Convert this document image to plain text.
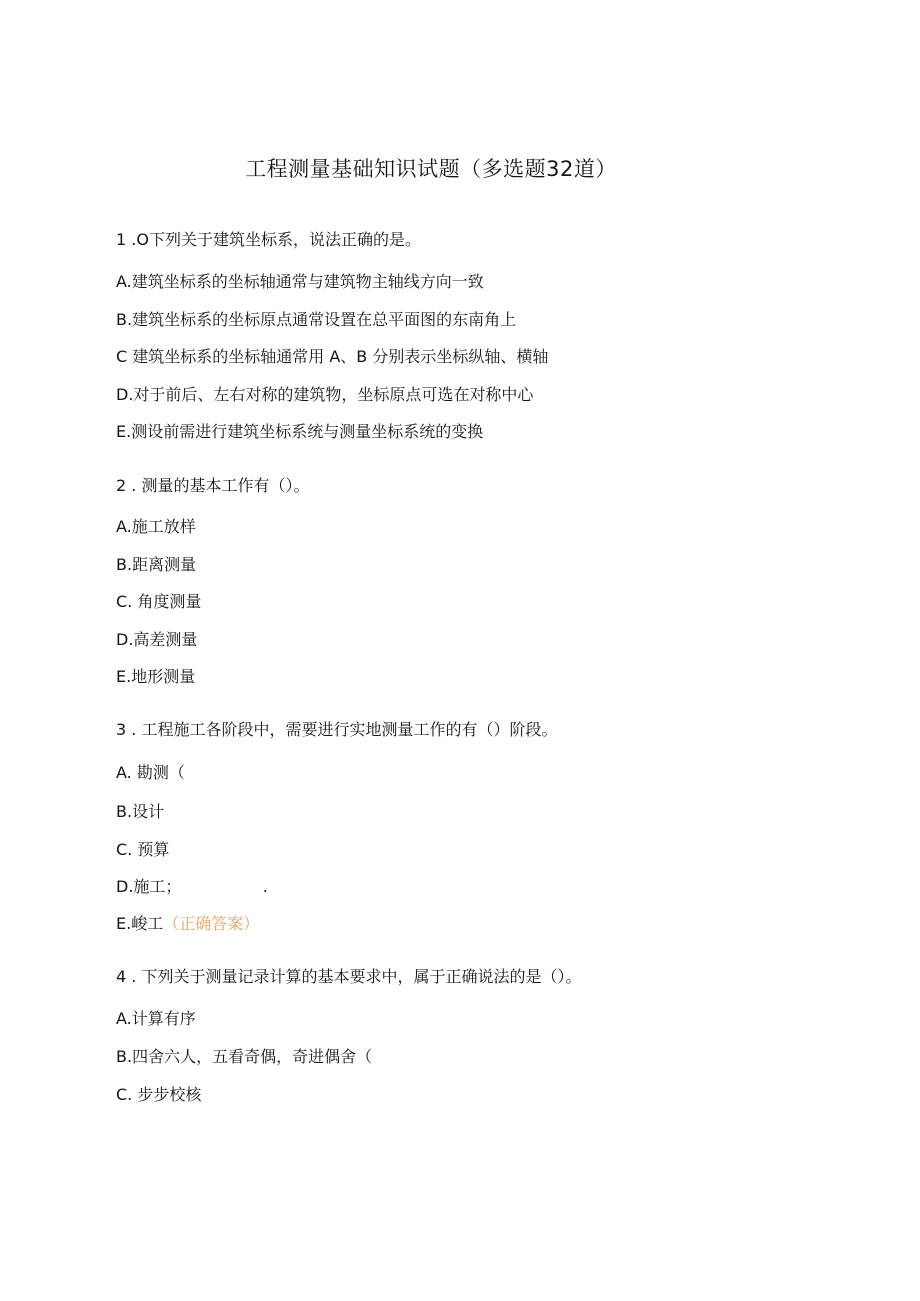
工程测量基础知识试题（多选题32道）
1 .O下列关于建筑坐标系，说法正确的是。
A.建筑坐标系的坐标轴通常与建筑物主轴线方向一致
B.建筑坐标系的坐标原点通常设置在总平面图的东南角上
C 建筑坐标系的坐标轴通常用 A、B 分别表示坐标纵轴、横轴
D.对于前后、左右对称的建筑物，坐标原点可选在对称中心
E.测设前需进行建筑坐标系统与测量坐标系统的变换
2 . 测量的基本工作有（）。
A.施工放样
B.距离测量
C. 角度测量
D.高差测量
E.地形测量
3 . 工程施工各阶段中，需要进行实地测量工作的有（）阶段。
A. 勘测（
B.设计
C. 预算
D.施工；                .
E.峻工（正确答案）
4 . 下列关于测量记录计算的基本要求中，属于正确说法的是（）。
A.计算有序
B.四舍六人，五看奇偶，奇进偶舍（
C. 步步校核
